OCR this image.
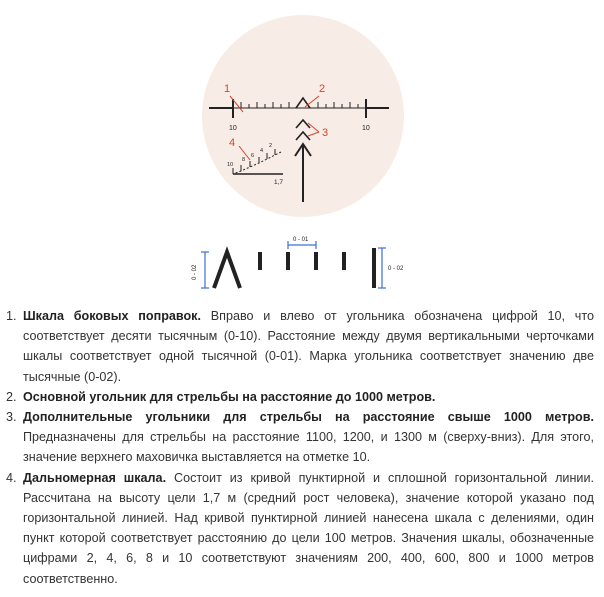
10	10
10
8
6
4
2
1,7
1	2
3
4
0 - 01
0 - 02	0 - 02
1. Шкала боковых поправок. Вправо и влево от угольника обозначена цифрой 10, что соответствует десяти тысячным (0-10). Расстояние между двумя вертикальными черточками шкалы соответствует одной тысячной (0-01). Марка угольника соответствует значению две тысячные (0-02).
2. Основной угольник для стрельбы на расстояние до 1000 метров.
3. Дополнительные угольники для стрельбы на расстояние свыше 1000 метров. Предназначены для стрельбы на расстояние 1100, 1200, и 1300 м (сверху-вниз). Для этого, значение верхнего маховичка выставляется на отметке 10.
4. Дальномерная шкала. Состоит из кривой пунктирной и сплошной горизонтальной линии. Рассчитана на высоту цели 1,7 м (средний рост человека), значение которой указано под горизонтальной линией. Над кривой пунктирной линией нанесена шкала с делениями, один пункт которой соответствует расстоянию до цели 100 метров. Значения шкалы, обозначенные цифрами 2, 4, 6, 8 и 10 соответствуют значениям 200, 400, 600, 800 и 1000 метров соответственно.
